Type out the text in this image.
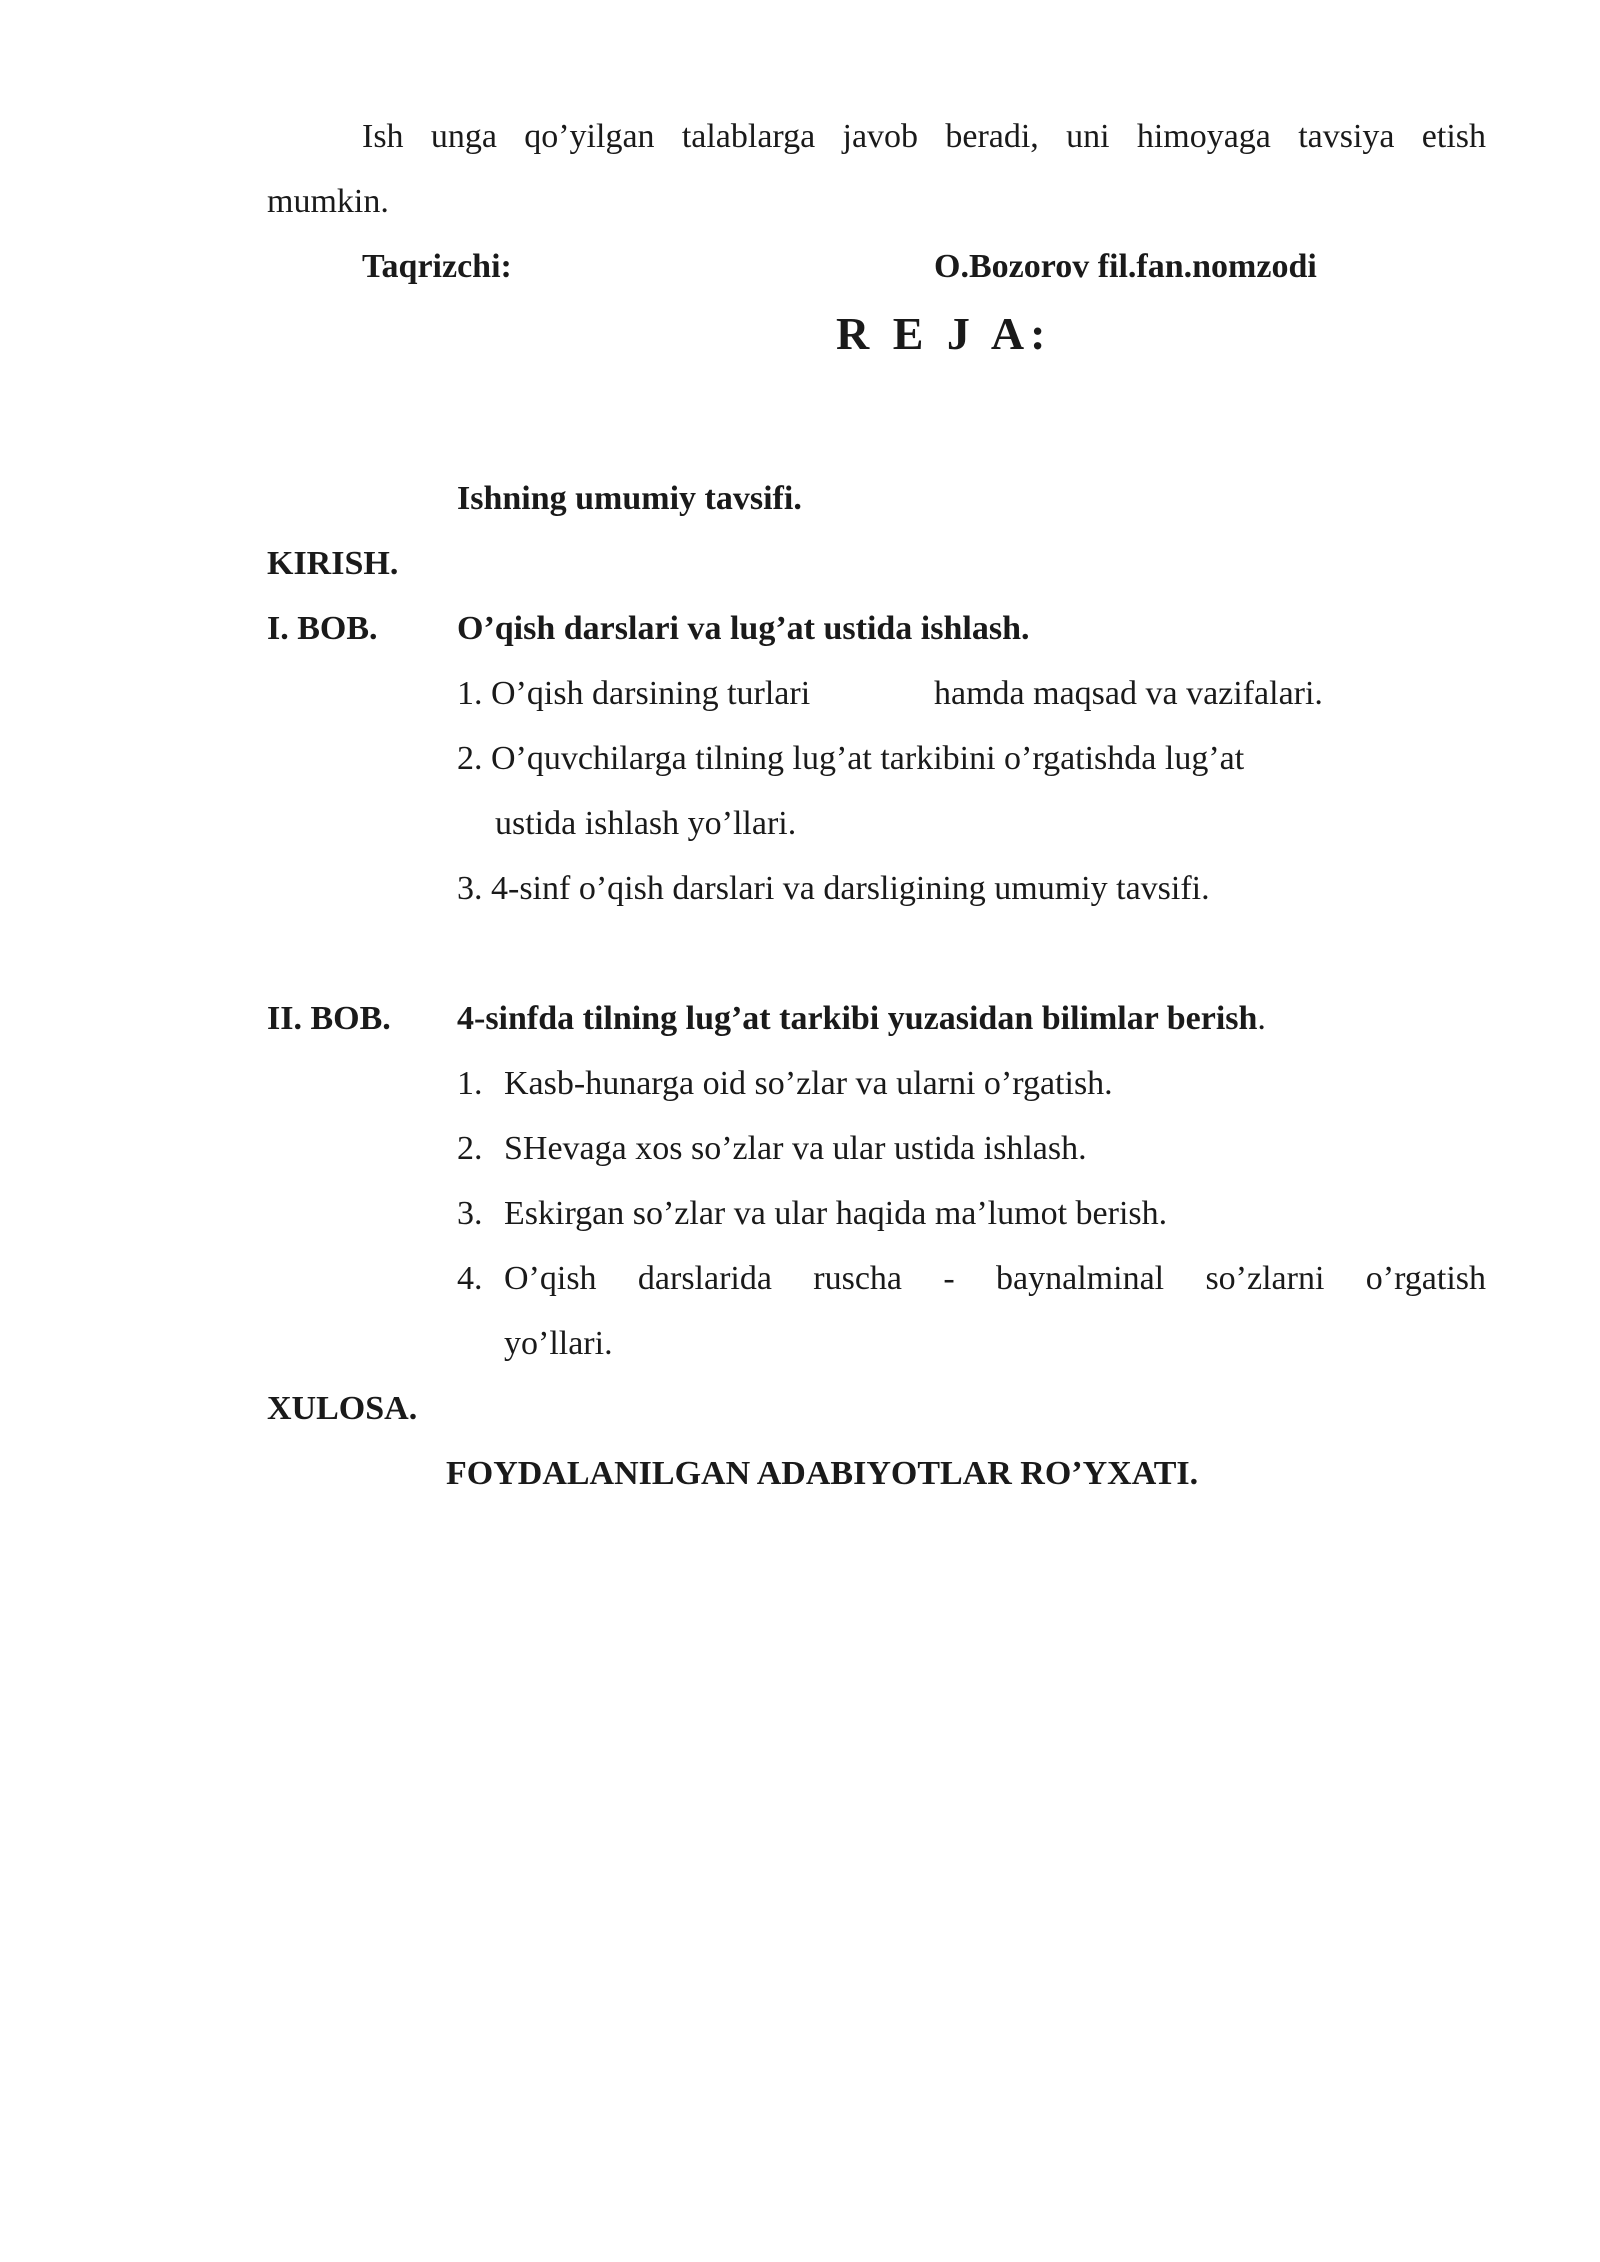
Ish unga qo’yilgan talablarga javob beradi, uni himoyaga tavsiya etish
mumkin.
Taqrizchi:	O.Bozorov fil.fan.nomzodi
R E J A:
Ishning umumiy tavsifi.
KIRISH.
I. BOB. O’qish darslari va lug’at ustida ishlash.
1. O’qish darsining turlari	hamda maqsad va vazifalari.
2. O’quvchilarga tilning lug’at tarkibini o’rgatishda lug’at
ustida ishlash yo’llari.
3. 4-sinf o’qish darslari va darsligining umumiy tavsifi.
II. BOB. 4-sinfda tilning lug’at tarkibi yuzasidan bilimlar berish.
1. Kasb-hunarga oid so’zlar va ularni o’rgatish.
2. SHevaga xos so’zlar va ular ustida ishlash.
3. Eskirgan so’zlar va ular haqida ma’lumot berish.
4. O’qish darslarida ruscha - baynalminal so’zlarni o’rgatish
yo’llari.
XULOSA.
FOYDALANILGAN ADABIYOTLAR RO’YXATI.
